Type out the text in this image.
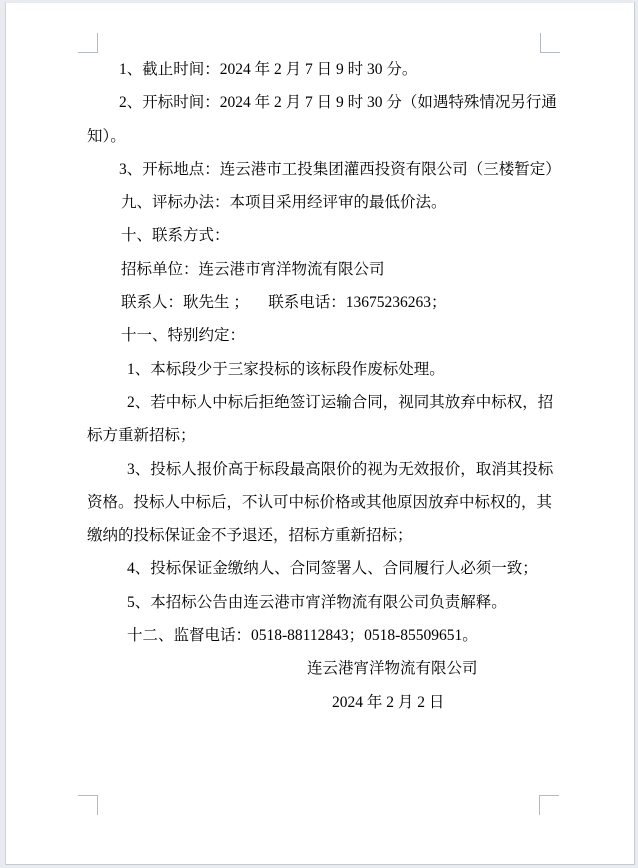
1、截止时间：2024 年 2 月 7 日 9 时 30 分。
2、开标时间：2024 年 2 月 7 日 9 时 30 分（如遇特殊情况另行通
知）。
3、开标地点：连云港市工投集团灌西投资有限公司（三楼暂定）
九、评标办法：本项目采用经评审的最低价法。
十、联系方式：
招标单位：连云港市宵洋物流有限公司
联系人：耿先生 ；     联系电话：13675236263；
十一、特别约定：
1、本标段少于三家投标的该标段作废标处理。
2、若中标人中标后拒绝签订运输合同，视同其放弃中标权，招
标方重新招标；
3、投标人报价高于标段最高限价的视为无效报价，取消其投标
资格。投标人中标后，不认可中标价格或其他原因放弃中标权的，其
缴纳的投标保证金不予退还，招标方重新招标；
4、投标保证金缴纳人、合同签署人、合同履行人必须一致；
5、本招标公告由连云港市宵洋物流有限公司负责解释。
十二、监督电话：0518-88112843；0518-85509651。
连云港宵洋物流有限公司
2024 年 2 月 2 日
